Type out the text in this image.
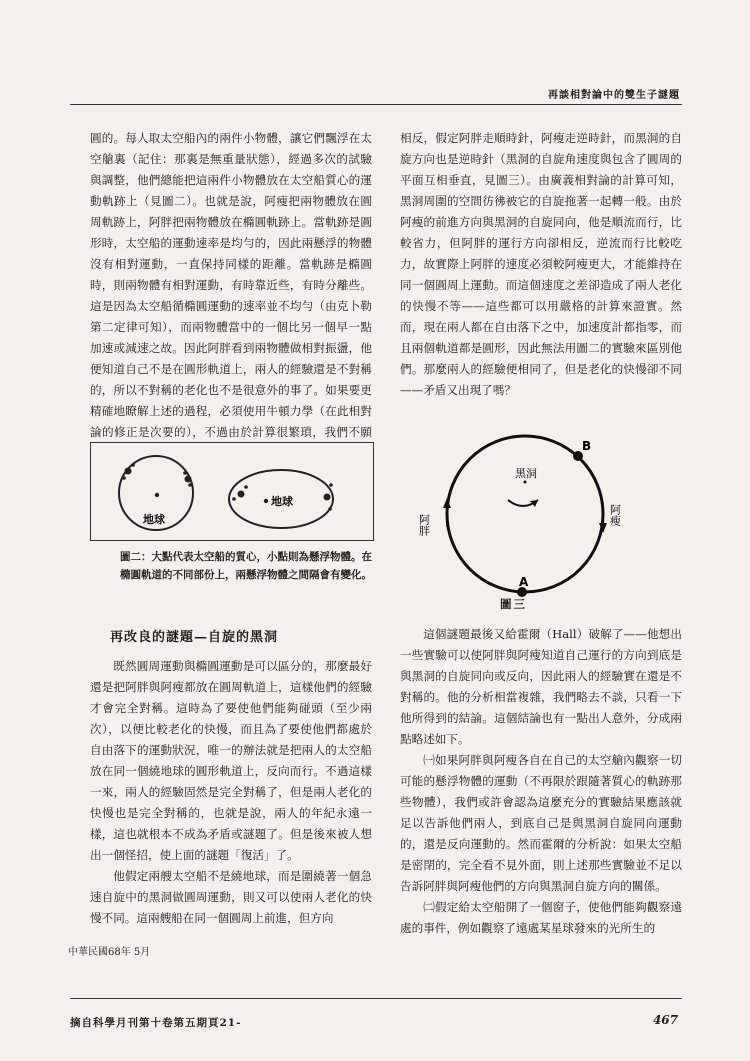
再談相對論中的雙生子謎題

圓的。每人取太空船內的兩件小物體，讓它們飄浮在太空艙裏（記住：那裏是無重量狀態），經過多次的試驗與調整，他們總能把這兩件小物體放在太空船質心的運動軌跡上（見圖二）。也就是說，阿瘦把兩物體放在圓周軌跡上，阿胖把兩物體放在橢圓軌跡上。當軌跡是圓形時，太空船的運動速率是均勻的，因此兩懸浮的物體沒有相對運動，一直保持同樣的距離。當軌跡是橢圓時，則兩物體有相對運動，有時靠近些，有時分離些。這是因為太空船循橢圓運動的速率並不均勻（由克卜勒第二定律可知），而兩物體當中的一個比另一個早一點加速或減速之故。因此阿胖看到兩物體做相對振盪，他便知道自己不是在圓形軌道上，兩人的經驗還是不對稱的，所以不對稱的老化也不是很意外的事了。如果要更精確地瞭解上述的過程，必須使用牛頓力學（在此相對論的修正是次要的），不過由於計算很繁瑣，我們不願

地球
地球
圖二：大點代表太空船的質心，小點則為懸浮物體。在橢圓軌道的不同部份上，兩懸浮物體之間隔會有變化。
再改良的謎題—自旋的黑洞

既然圓周運動與橢圓運動是可以區分的，那麼最好還是把阿胖與阿瘦都放在圓周軌道上，這樣他們的經驗才會完全對稱。這時為了要使他們能夠碰頭（至少兩次），以便比較老化的快慢，而且為了要使他們都處於自由落下的運動狀況，唯一的辦法就是把兩人的太空船放在同一個繞地球的圓形軌道上，反向而行。不過這樣一來，兩人的經驗固然是完全對稱了，但是兩人老化的快慢也是完全對稱的，也就是說，兩人的年紀永遠一樣，這也就根本不成為矛盾或謎題了。但是後來被人想出一個怪招，使上面的謎題「復活」了。

他假定兩艘太空船不是繞地球，而是圍繞著一個急速自旋中的黑洞做圓周運動，則又可以使兩人老化的快慢不同。這兩艘船在同一個圓周上前進，但方向

相反，假定阿胖走順時針，阿瘦走逆時針，而黑洞的自旋方向也是逆時針（黑洞的自旋角速度與包含了圓周的平面互相垂直，見圖三）。由廣義相對論的計算可知，黑洞周圍的空間彷彿被它的自旋拖著一起轉一般。由於阿瘦的前進方向與黑洞的自旋同向，他是順流而行，比較省力，但阿胖的運行方向卻相反，逆流而行比較吃力，故實際上阿胖的速度必須較阿瘦更大，才能維持在同一個圓周上運動。而這個速度之差卻造成了兩人老化的快慢不等——這些都可以用嚴格的計算來證實。然而，現在兩人都在自由落下之中，加速度計都指零，而且兩個軌道都是圓形，因此無法用圖二的實驗來區別他們。那麼兩人的經驗便相同了，但是老化的快慢卻不同——矛盾又出現了嗎？

黑洞
B
A
阿胖	阿瘦
圖三

這個謎題最後又給霍爾（Hall）破解了——他想出一些實驗可以使阿胖與阿瘦知道自己運行的方向到底是與黑洞的自旋同向或反向，因此兩人的經驗實在還是不對稱的。他的分析相當複雜，我們略去不談，只看一下他所得到的結論。這個結論也有一點出人意外，分成兩點略述如下。

㈠如果阿胖與阿瘦各自在自己的太空艙內觀察一切可能的懸浮物體的運動（不再限於跟隨著質心的軌跡那些物體），我們或許會認為這麼充分的實驗結果應該就足以告訴他們兩人，到底自己是與黑洞自旋同向運動的，還是反向運動的。然而霍爾的分析說：如果太空船是密閉的，完全看不見外面，則上述那些實驗並不足以告訴阿胖與阿瘦他們的方向與黑洞自旋方向的關係。

㈡假定給太空船開了一個窗子，使他們能夠觀察遠處的事件，例如觀察了遠處某星球發來的光所生的

中華民國68年 5月
摘自科學月刊第十卷第五期頁21-	467
